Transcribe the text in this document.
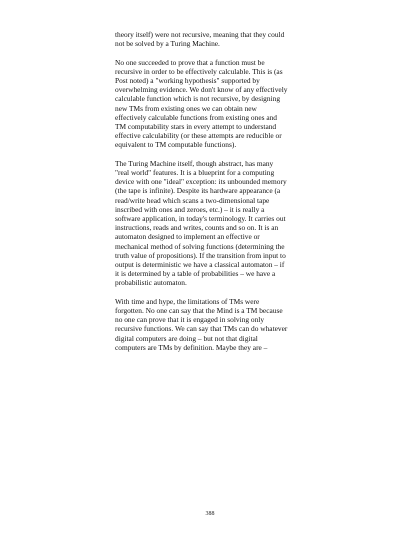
theory itself) were not recursive, meaning that they could
not be solved by a Turing Machine.

No one succeeded to prove that a function must be
recursive in order to be effectively calculable. This is (as
Post noted) a "working hypothesis" supported by
overwhelming evidence. We don't know of any effectively
calculable function which is not recursive, by designing
new TMs from existing ones we can obtain new
effectively calculable functions from existing ones and
TM computability stars in every attempt to understand
effective calculability (or these attempts are reducible or
equivalent to TM computable functions).

The Turing Machine itself, though abstract, has many
"real world" features. It is a blueprint for a computing
device with one "ideal" exception: its unbounded memory
(the tape is infinite). Despite its hardware appearance (a
read/write head which scans a two-dimensional tape
inscribed with ones and zeroes, etc.) – it is really a
software application, in today's terminology. It carries out
instructions, reads and writes, counts and so on. It is an
automaton designed to implement an effective or
mechanical method of solving functions (determining the
truth value of propositions). If the transition from input to
output is deterministic we have a classical automaton – if
it is determined by a table of probabilities – we have a
probabilistic automaton.

With time and hype, the limitations of TMs were
forgotten. No one can say that the Mind is a TM because
no one can prove that it is engaged in solving only
recursive functions. We can say that TMs can do whatever
digital computers are doing – but not that digital
computers are TMs by definition. Maybe they are –

388
